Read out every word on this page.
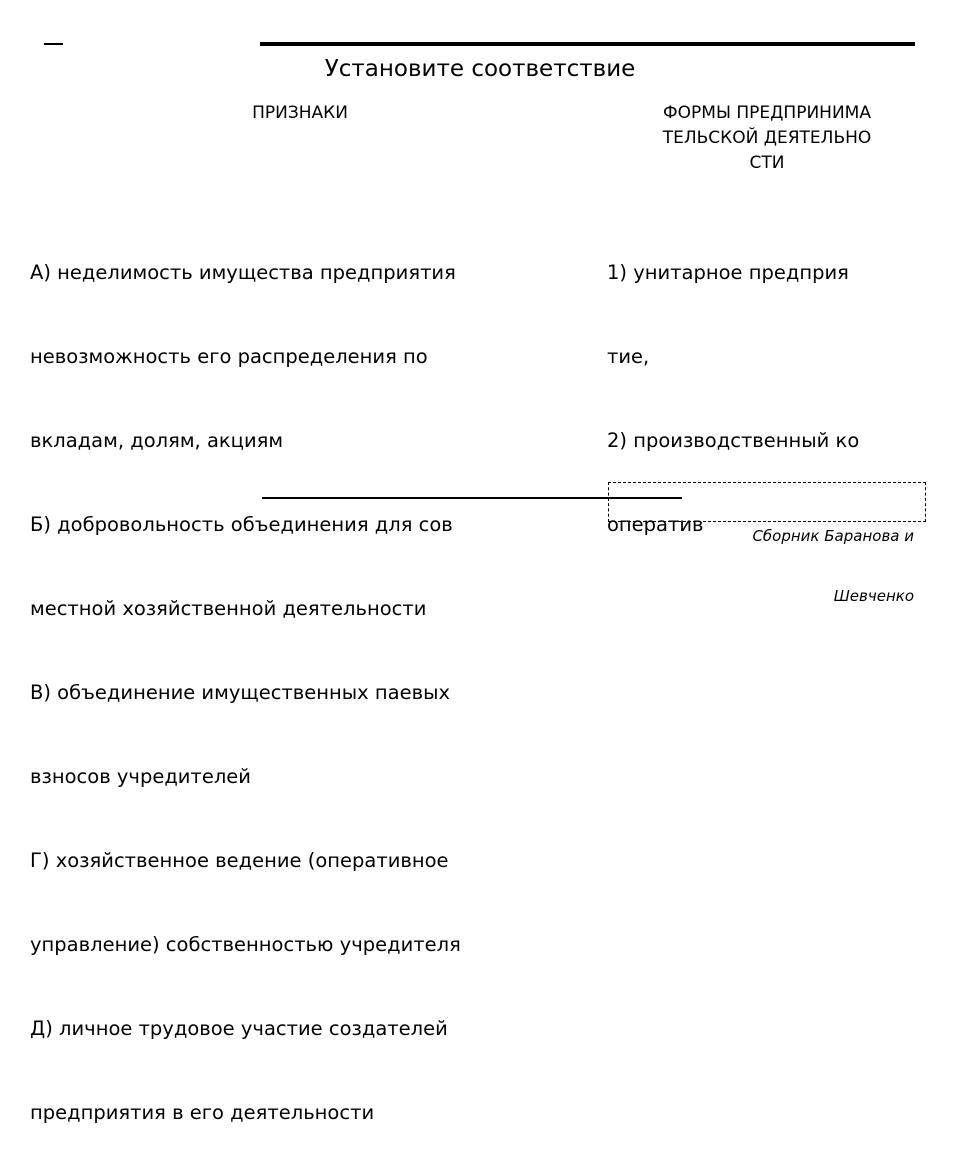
Установите соответствие
ПРИЗНАКИ	ФОРМЫ ПРЕДПРИНИМА
ТЕЛЬСКОЙ ДЕЯТЕЛЬНО
СТИ

А) неделимость имущества предприятия

невозможность его распределения по

вкладам, долям, акциям

Б) добровольность объединения для сов

местной хозяйственной деятельности

В) объединение имущественных паевых

взносов учредителей

Г) хозяйственное ведение (оперативное

управление) собственностью учредителя

Д) личное трудовое участие создателей

предприятия в его деятельности

1) унитарное предприя

тие,

2) производственный ко

оператив

	Сборник Баранова и

Шевченко
